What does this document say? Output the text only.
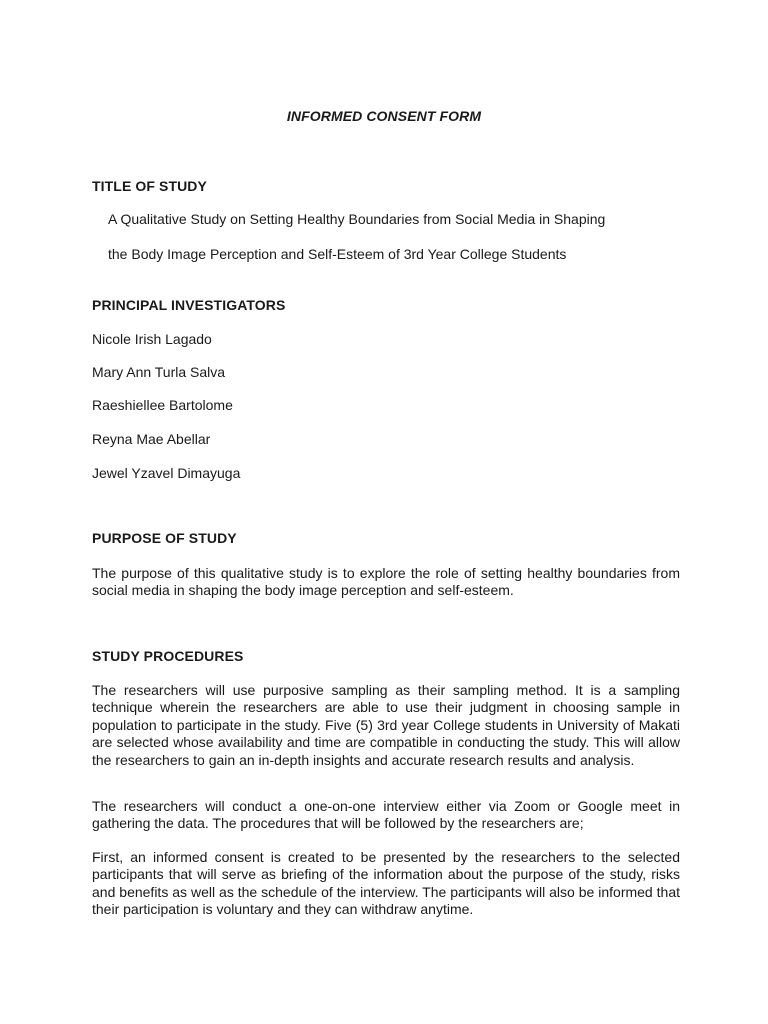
INFORMED CONSENT FORM
TITLE OF STUDY
A Qualitative Study on Setting Healthy Boundaries from Social Media in Shaping
the Body Image Perception and Self-Esteem of 3rd Year College Students
PRINCIPAL INVESTIGATORS
Nicole Irish Lagado
Mary Ann Turla Salva
Raeshiellee Bartolome
Reyna Mae Abellar
Jewel Yzavel Dimayuga
PURPOSE OF STUDY
The purpose of this qualitative study is to explore the role of setting healthy boundaries from social media in shaping the body image perception and self-esteem.
STUDY PROCEDURES
The researchers will use purposive sampling as their sampling method. It is a sampling technique wherein the researchers are able to use their judgment in choosing sample in population to participate in the study. Five (5) 3rd year College students in University of Makati are selected whose availability and time are compatible in conducting the study. This will allow the researchers to gain an in-depth insights and accurate research results and analysis.
The researchers will conduct a one-on-one interview either via Zoom or Google meet in gathering the data. The procedures that will be followed by the researchers are;
First, an informed consent is created to be presented by the researchers to the selected participants that will serve as briefing of the information about the purpose of the study, risks and benefits as well as the schedule of the interview. The participants will also be informed that their participation is voluntary and they can withdraw anytime.
